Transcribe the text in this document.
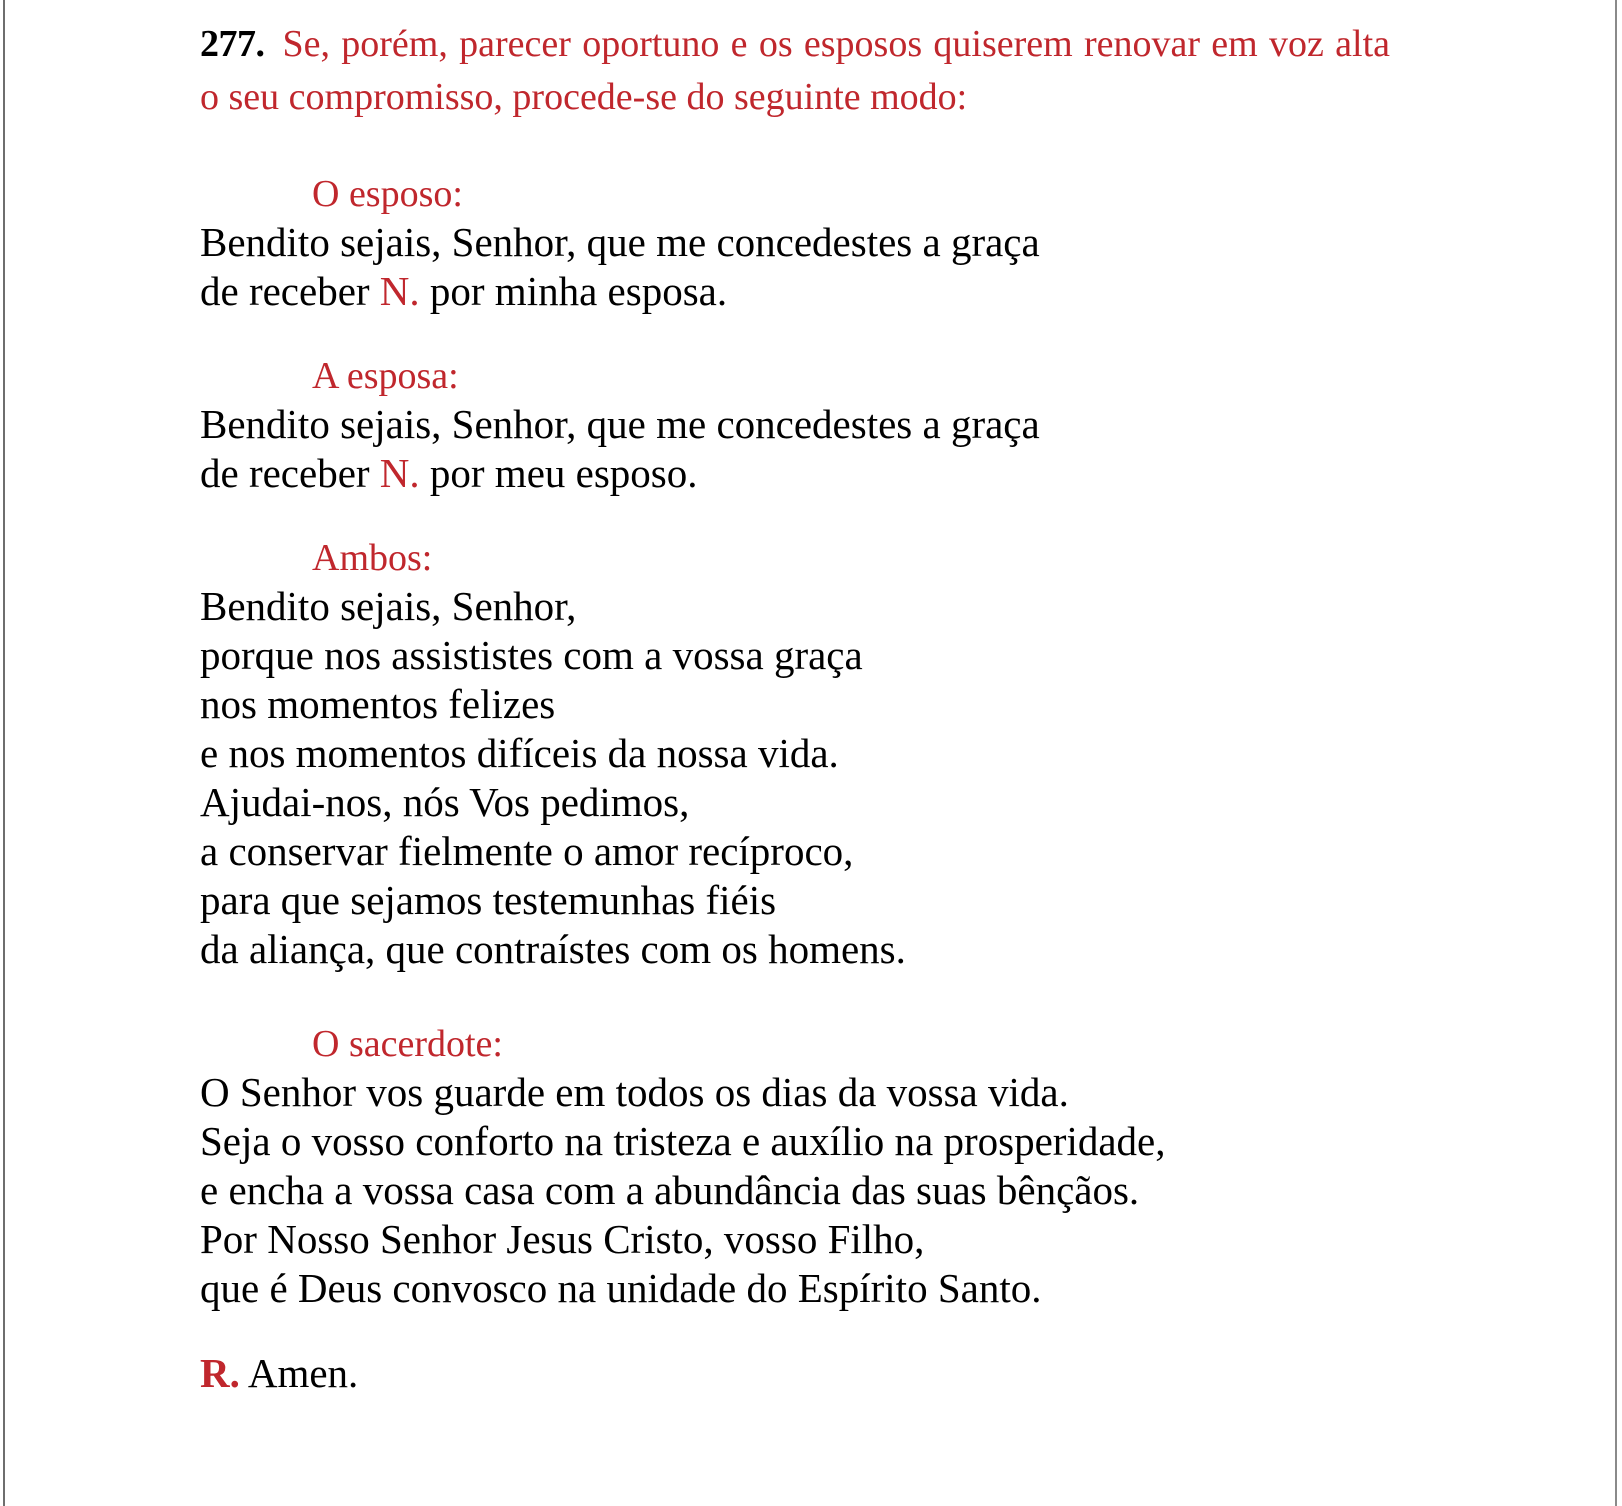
277. Se, porém, parecer oportuno e os esposos quiserem renovar em voz alta o seu compromisso, procede-se do seguinte modo:

O esposo:

Bendito sejais, Senhor, que me concedestes a graça
de receber N. por minha esposa.

A esposa:

Bendito sejais, Senhor, que me concedestes a graça
de receber N. por meu esposo.

Ambos:

Bendito sejais, Senhor,
porque nos assististes com a vossa graça
nos momentos felizes
e nos momentos difíceis da nossa vida.
Ajudai-nos, nós Vos pedimos,
a conservar fielmente o amor recíproco,
para que sejamos testemunhas fiéis
da aliança, que contraístes com os homens.

O sacerdote:

O Senhor vos guarde em todos os dias da vossa vida.
Seja o vosso conforto na tristeza e auxílio na prosperidade,
e encha a vossa casa com a abundância das suas bênçãos.
Por Nosso Senhor Jesus Cristo, vosso Filho,
que é Deus convosco na unidade do Espírito Santo.

R. Amen.
